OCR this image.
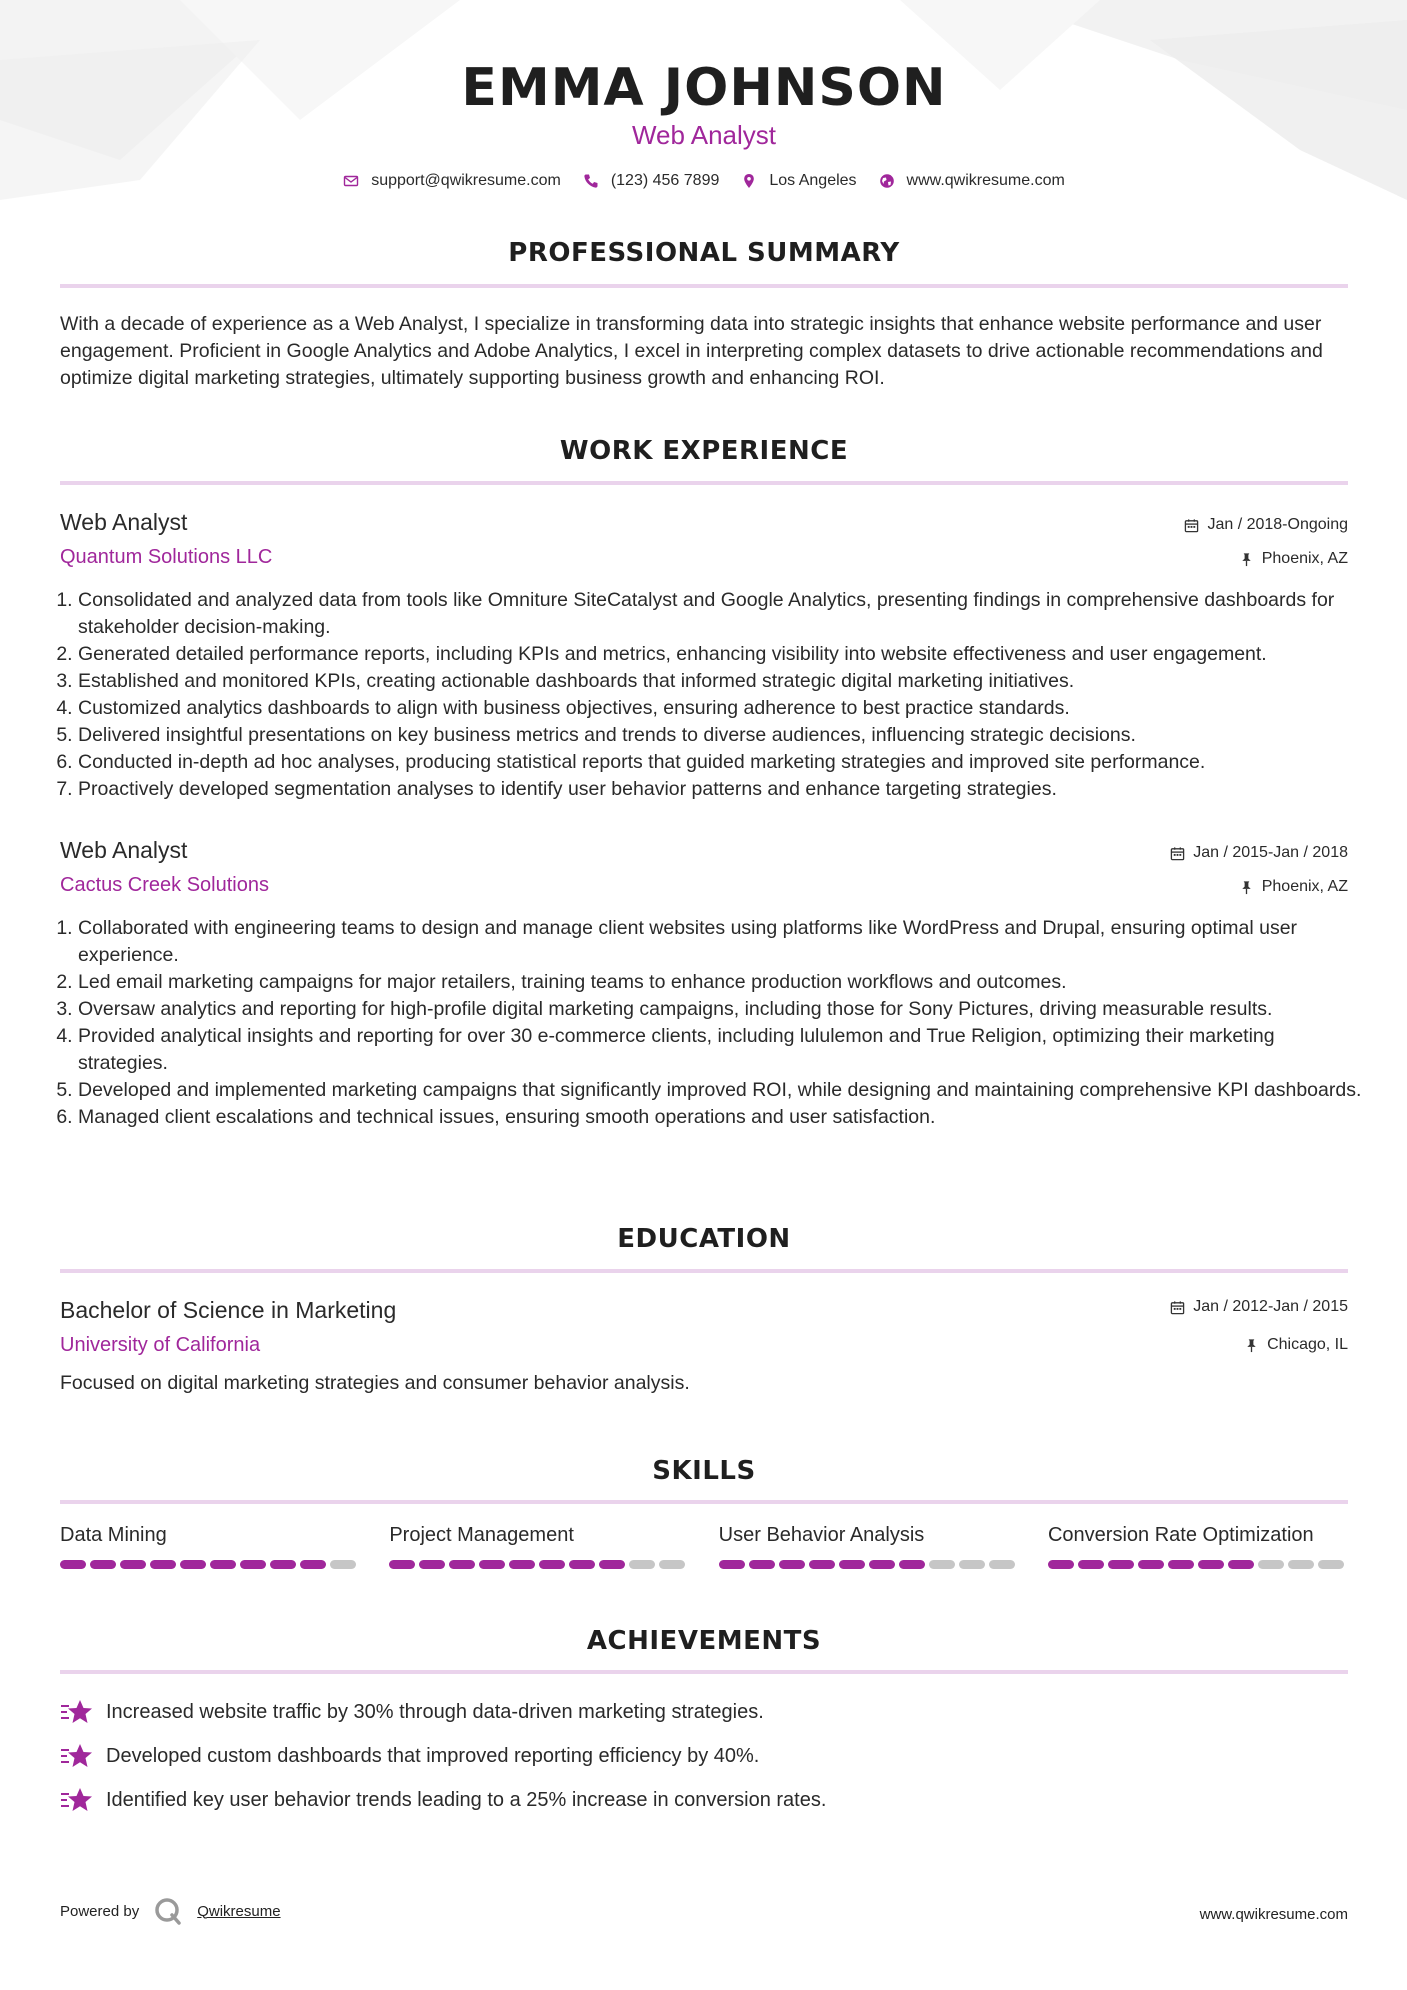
EMMA JOHNSON
Web Analyst
support@qwikresume.com	(123) 456 7899	Los Angeles	www.qwikresume.com
PROFESSIONAL SUMMARY
With a decade of experience as a Web Analyst, I specialize in transforming data into strategic insights that enhance website performance and user engagement. Proficient in Google Analytics and Adobe Analytics, I excel in interpreting complex datasets to drive actionable recommendations and optimize digital marketing strategies, ultimately supporting business growth and enhancing ROI.
WORK EXPERIENCE
Web Analyst	Jan / 2018-Ongoing
Quantum Solutions LLC	Phoenix, AZ
1. Consolidated and analyzed data from tools like Omniture SiteCatalyst and Google Analytics, presenting findings in comprehensive dashboards for stakeholder decision-making.
2. Generated detailed performance reports, including KPIs and metrics, enhancing visibility into website effectiveness and user engagement.
3. Established and monitored KPIs, creating actionable dashboards that informed strategic digital marketing initiatives.
4. Customized analytics dashboards to align with business objectives, ensuring adherence to best practice standards.
5. Delivered insightful presentations on key business metrics and trends to diverse audiences, influencing strategic decisions.
6. Conducted in-depth ad hoc analyses, producing statistical reports that guided marketing strategies and improved site performance.
7. Proactively developed segmentation analyses to identify user behavior patterns and enhance targeting strategies.
Web Analyst	Jan / 2015-Jan / 2018
Cactus Creek Solutions	Phoenix, AZ
1. Collaborated with engineering teams to design and manage client websites using platforms like WordPress and Drupal, ensuring optimal user experience.
2. Led email marketing campaigns for major retailers, training teams to enhance production workflows and outcomes.
3. Oversaw analytics and reporting for high-profile digital marketing campaigns, including those for Sony Pictures, driving measurable results.
4. Provided analytical insights and reporting for over 30 e-commerce clients, including lululemon and True Religion, optimizing their marketing strategies.
5. Developed and implemented marketing campaigns that significantly improved ROI, while designing and maintaining comprehensive KPI dashboards.
6. Managed client escalations and technical issues, ensuring smooth operations and user satisfaction.
EDUCATION
Bachelor of Science in Marketing	Jan / 2012-Jan / 2015
University of California	Chicago, IL
Focused on digital marketing strategies and consumer behavior analysis.
SKILLS
Data Mining	Project Management	User Behavior Analysis	Conversion Rate Optimization
ACHIEVEMENTS
Increased website traffic by 30% through data-driven marketing strategies.
Developed custom dashboards that improved reporting efficiency by 40%.
Identified key user behavior trends leading to a 25% increase in conversion rates.
Powered by	Qwikresume	www.qwikresume.com
